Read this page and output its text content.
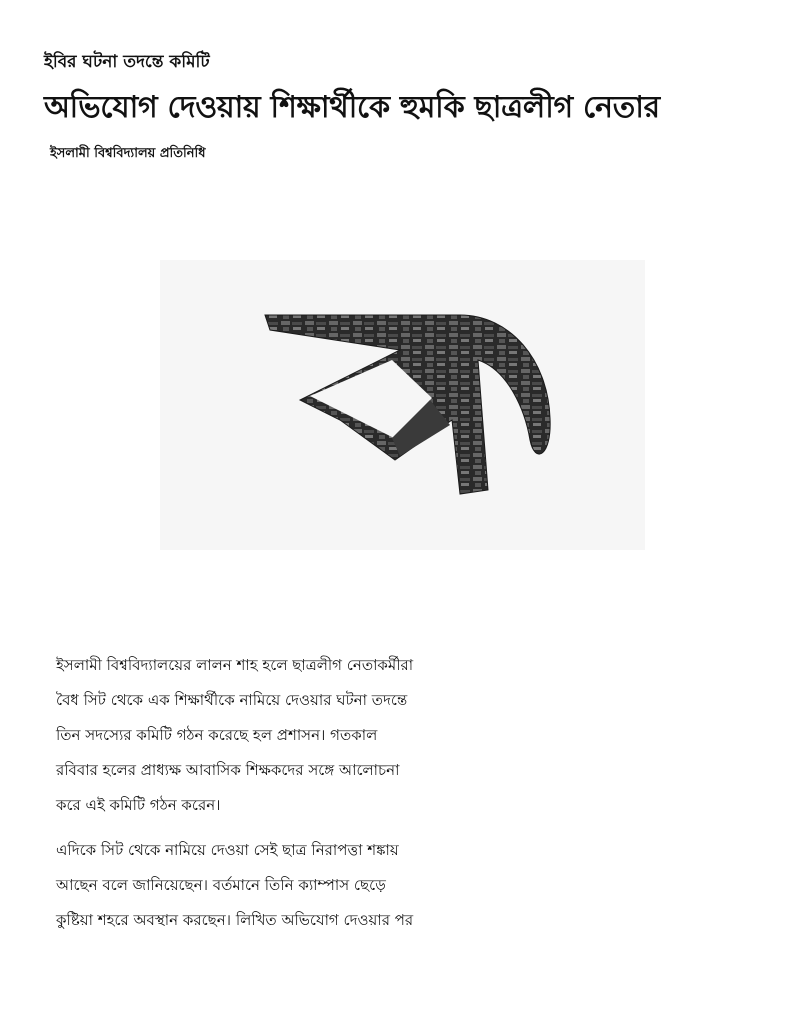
ইবির ঘটনা তদন্তে কমিটি
অভিযোগ দেওয়ায় শিক্ষার্থীকে হুমকি ছাত্রলীগ নেতার
ইসলামী বিশ্ববিদ্যালয় প্রতিনিধি

ইসলামী বিশ্ববিদ্যালয়ের লালন শাহ হলে ছাত্রলীগ নেতাকর্মীরা
বৈধ সিট থেকে এক শিক্ষার্থীকে নামিয়ে দেওয়ার ঘটনা তদন্তে
তিন সদস্যের কমিটি গঠন করেছে হল প্রশাসন। গতকাল
রবিবার হলের প্রাধ্যক্ষ আবাসিক শিক্ষকদের সঙ্গে আলোচনা
করে এই কমিটি গঠন করেন।

এদিকে সিট থেকে নামিয়ে দেওয়া সেই ছাত্র নিরাপত্তা শঙ্কায়
আছেন বলে জানিয়েছেন। বর্তমানে তিনি ক্যাম্পাস ছেড়ে
কুষ্টিয়া শহরে অবস্থান করছেন। লিখিত অভিযোগ দেওয়ার পর
